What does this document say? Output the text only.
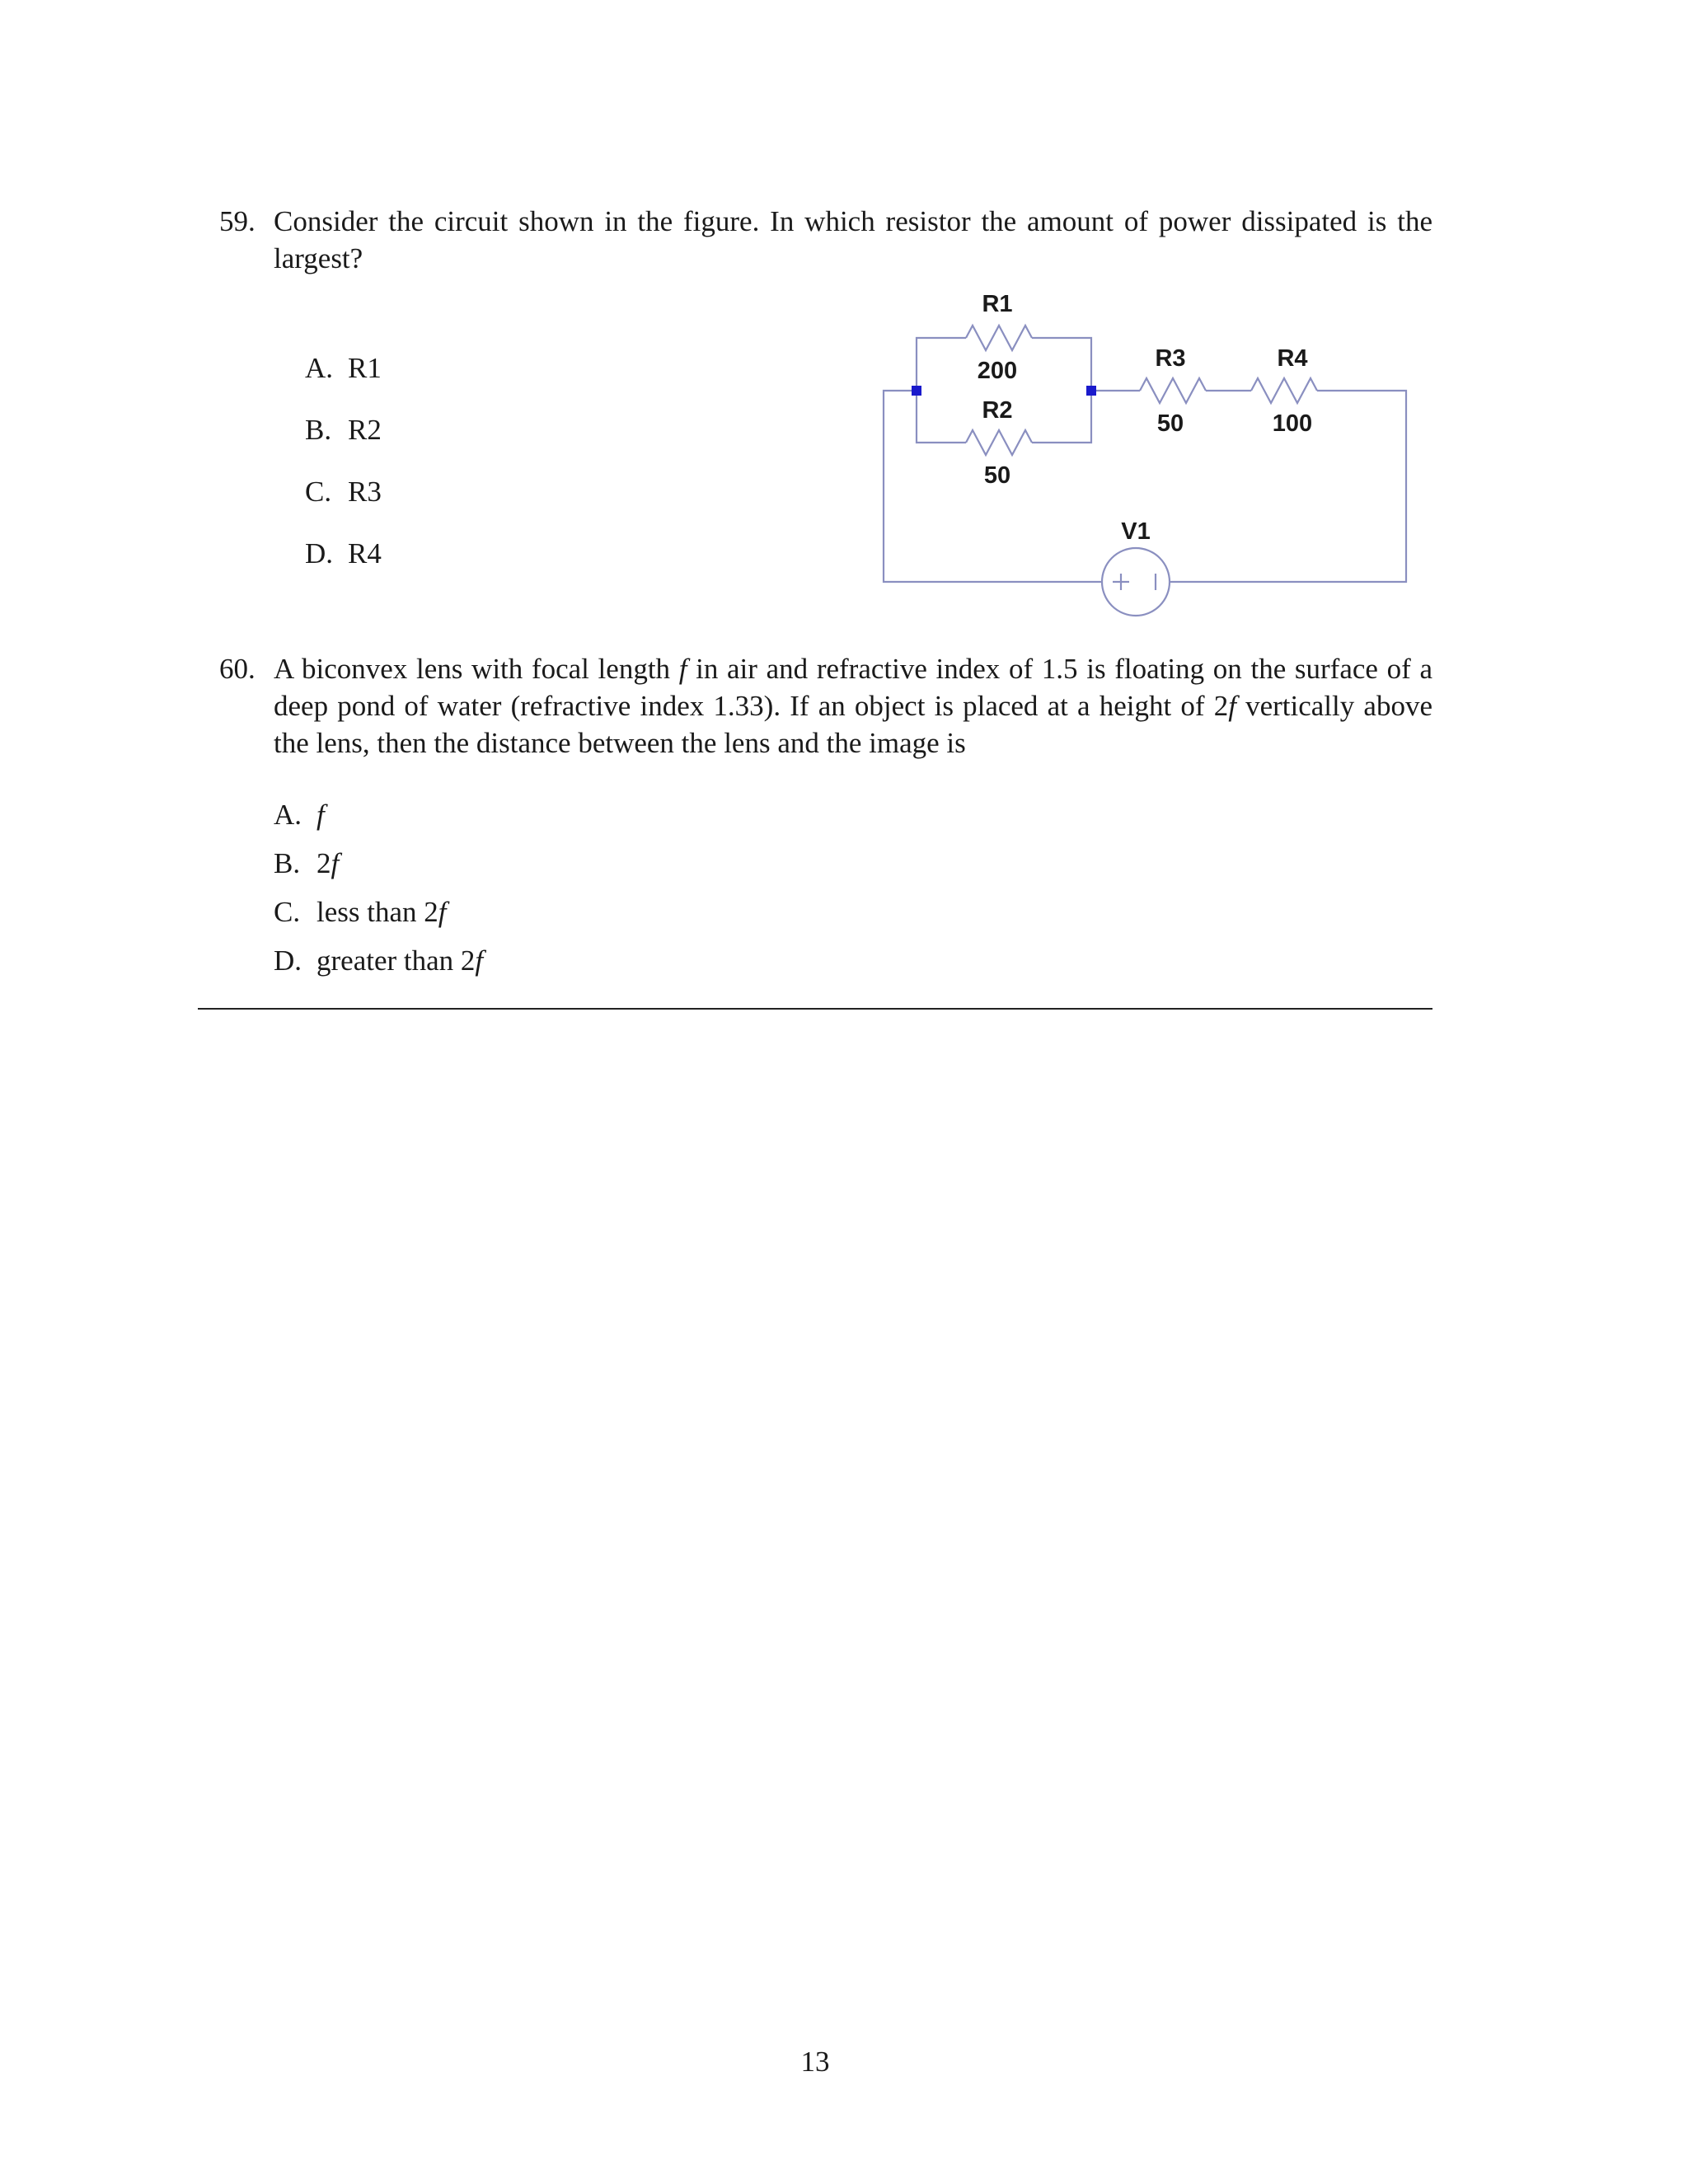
59. Consider the circuit shown in the figure. In which resistor the amount of power dissipated is the largest?
A. R1
B. R2
C. R3
D. R4
R1
200
R2
50
R3
50
R4
100
V1
60. A biconvex lens with focal length f in air and refractive index of 1.5 is floating on the surface of a deep pond of water (refractive index 1.33). If an object is placed at a height of 2f vertically above the lens, then the distance between the lens and the image is
A. f
B. 2f
C. less than 2f
D. greater than 2f
13
